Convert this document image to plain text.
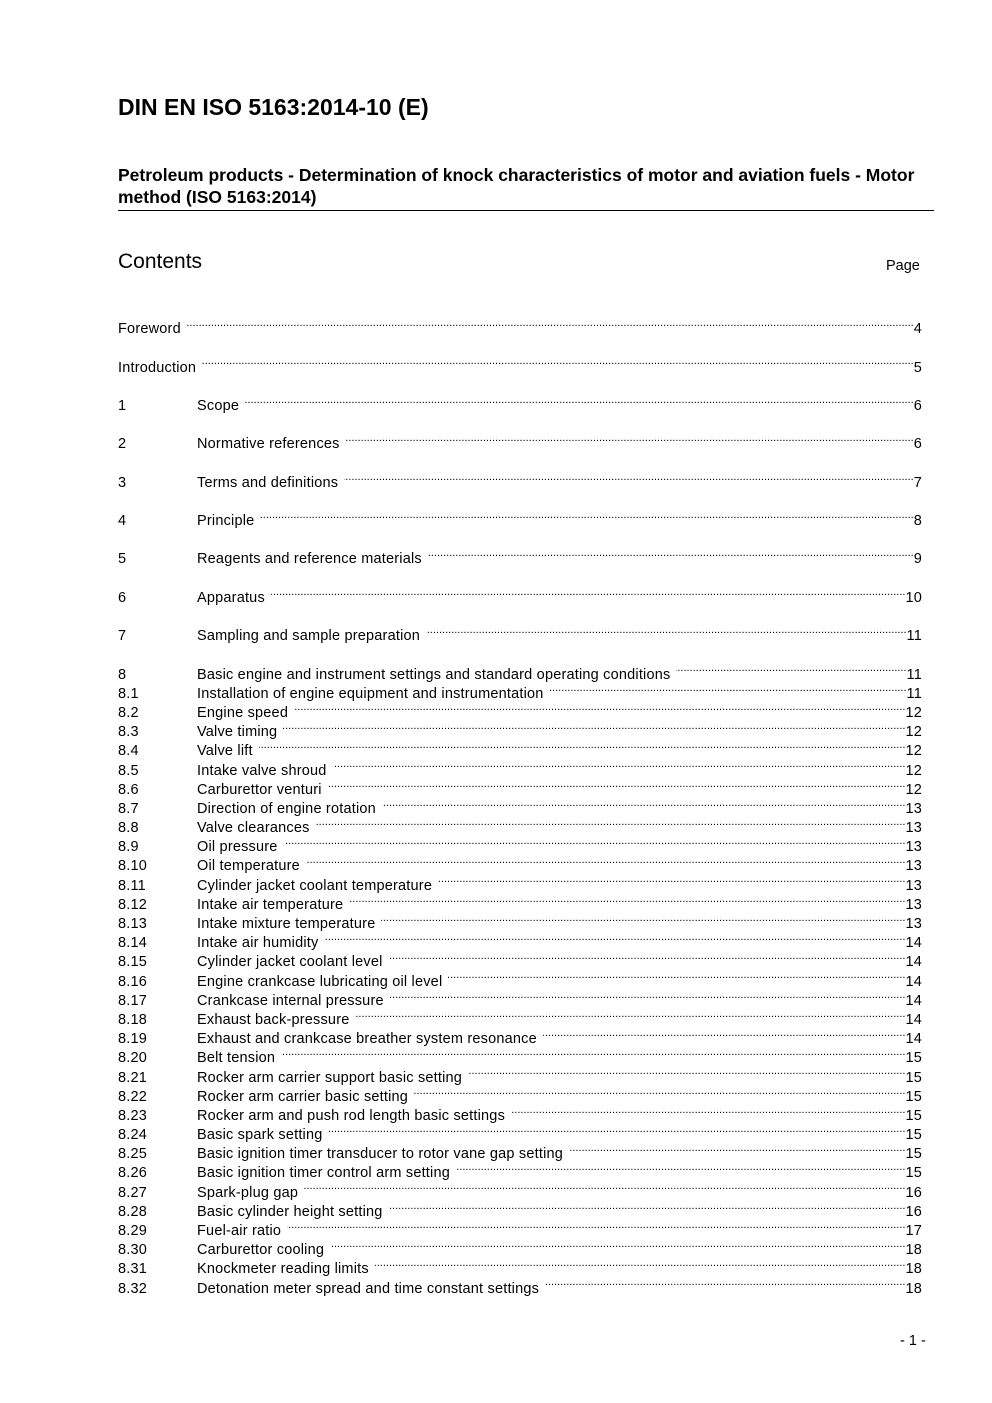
DIN EN ISO 5163:2014-10 (E)
Petroleum products - Determination of knock characteristics of motor and aviation fuels - Motor method (ISO 5163:2014)
Contents	Page
Foreword .....	4
Introduction .....	5
1	Scope .....	6
2	Normative references .....	6
3	Terms and definitions .....	7
4	Principle .....	8
5	Reagents and reference materials .....	9
6	Apparatus .....	10
7	Sampling and sample preparation .....	11
8	Basic engine and instrument settings and standard operating conditions .....	11
8.1	Installation of engine equipment and instrumentation .....	11
8.2	Engine speed .....	12
8.3	Valve timing .....	12
8.4	Valve lift .....	12
8.5	Intake valve shroud .....	12
8.6	Carburettor venturi .....	12
8.7	Direction of engine rotation .....	13
8.8	Valve clearances .....	13
8.9	Oil pressure .....	13
8.10	Oil temperature .....	13
8.11	Cylinder jacket coolant temperature .....	13
8.12	Intake air temperature .....	13
8.13	Intake mixture temperature .....	13
8.14	Intake air humidity .....	14
8.15	Cylinder jacket coolant level .....	14
8.16	Engine crankcase lubricating oil level .....	14
8.17	Crankcase internal pressure .....	14
8.18	Exhaust back-pressure .....	14
8.19	Exhaust and crankcase breather system resonance .....	14
8.20	Belt tension .....	15
8.21	Rocker arm carrier support basic setting .....	15
8.22	Rocker arm carrier basic setting .....	15
8.23	Rocker arm and push rod length basic settings .....	15
8.24	Basic spark setting .....	15
8.25	Basic ignition timer transducer to rotor vane gap setting .....	15
8.26	Basic ignition timer control arm setting .....	15
8.27	Spark-plug gap .....	16
8.28	Basic cylinder height setting .....	16
8.29	Fuel-air ratio .....	17
8.30	Carburettor cooling .....	18
8.31	Knockmeter reading limits .....	18
8.32	Detonation meter spread and time constant settings .....	18
- 1 -
